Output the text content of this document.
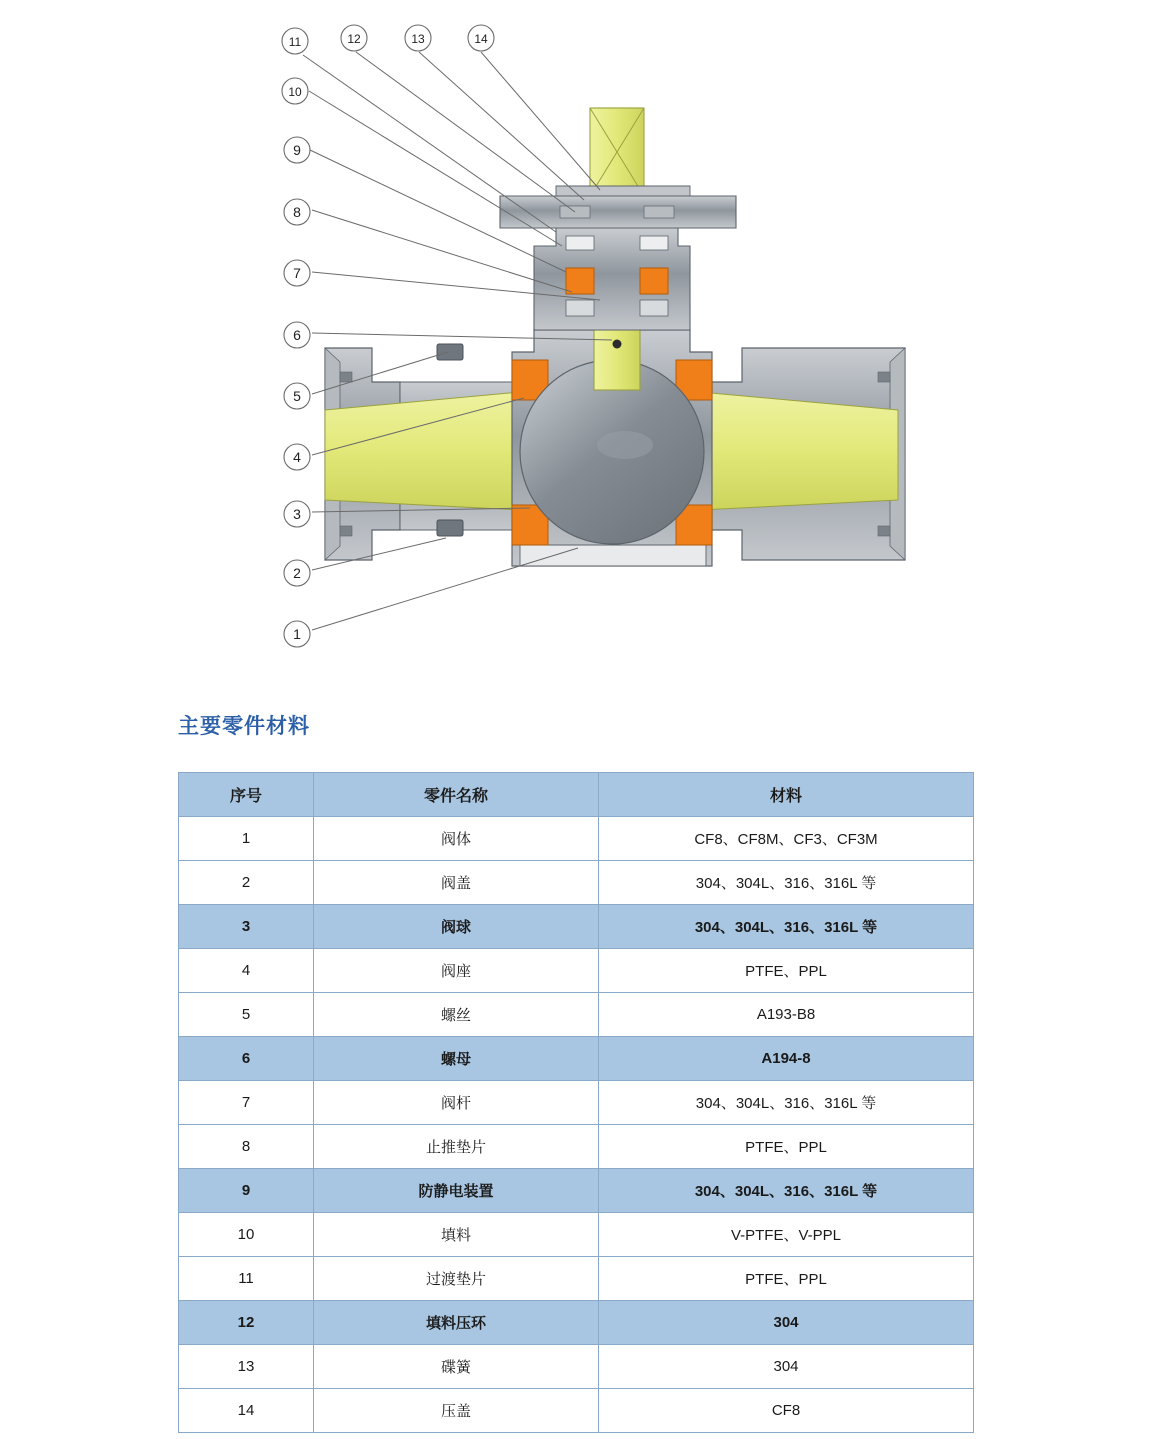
1
2
3
4
5
6
7
8
9
10
11	12	13	14
主要零件材料
序号	零件名称	材料
1	阀体	CF8、CF8M、CF3、CF3M
2	阀盖	304、304L、316、316L 等
3	阀球	304、304L、316、316L 等
4	阀座	PTFE、PPL
5	螺丝	A193-B8
6	螺母	A194-8
7	阀杆	304、304L、316、316L 等
8	止推垫片	PTFE、PPL
9	防静电装置	304、304L、316、316L 等
10	填料	V-PTFE、V-PPL
11	过渡垫片	PTFE、PPL
12	填料压环	304
13	碟簧	304
14	压盖	CF8
